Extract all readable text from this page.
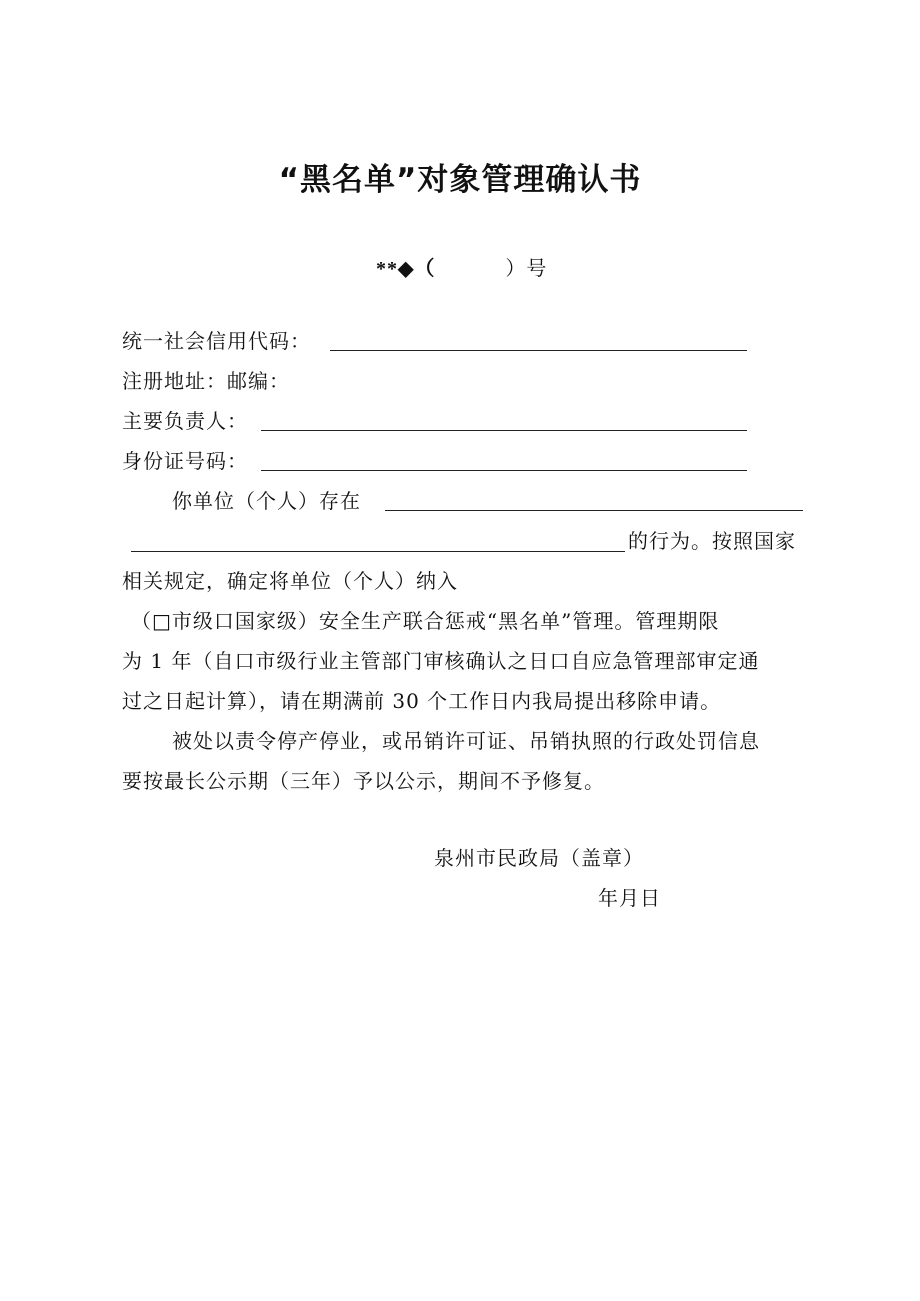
“黑名单”对象管理确认书
**◆（	）号
统一社会信用代码：
注册地址：邮编：
主要负责人：
身份证号码：
你单位（个人）存在
的行为。按照国家
相关规定，确定将单位（个人）纳入
（□市级口国家级）安全生产联合惩戒“黑名单”管理。管理期限
为 1 年（自口市级行业主管部门审核确认之日口自应急管理部审定通
过之日起计算），请在期满前 30 个工作日内我局提出移除申请。
被处以责令停产停业，或吊销许可证、吊销执照的行政处罚信息
要按最长公示期（三年）予以公示，期间不予修复。
泉州市民政局（盖章）
年月日
